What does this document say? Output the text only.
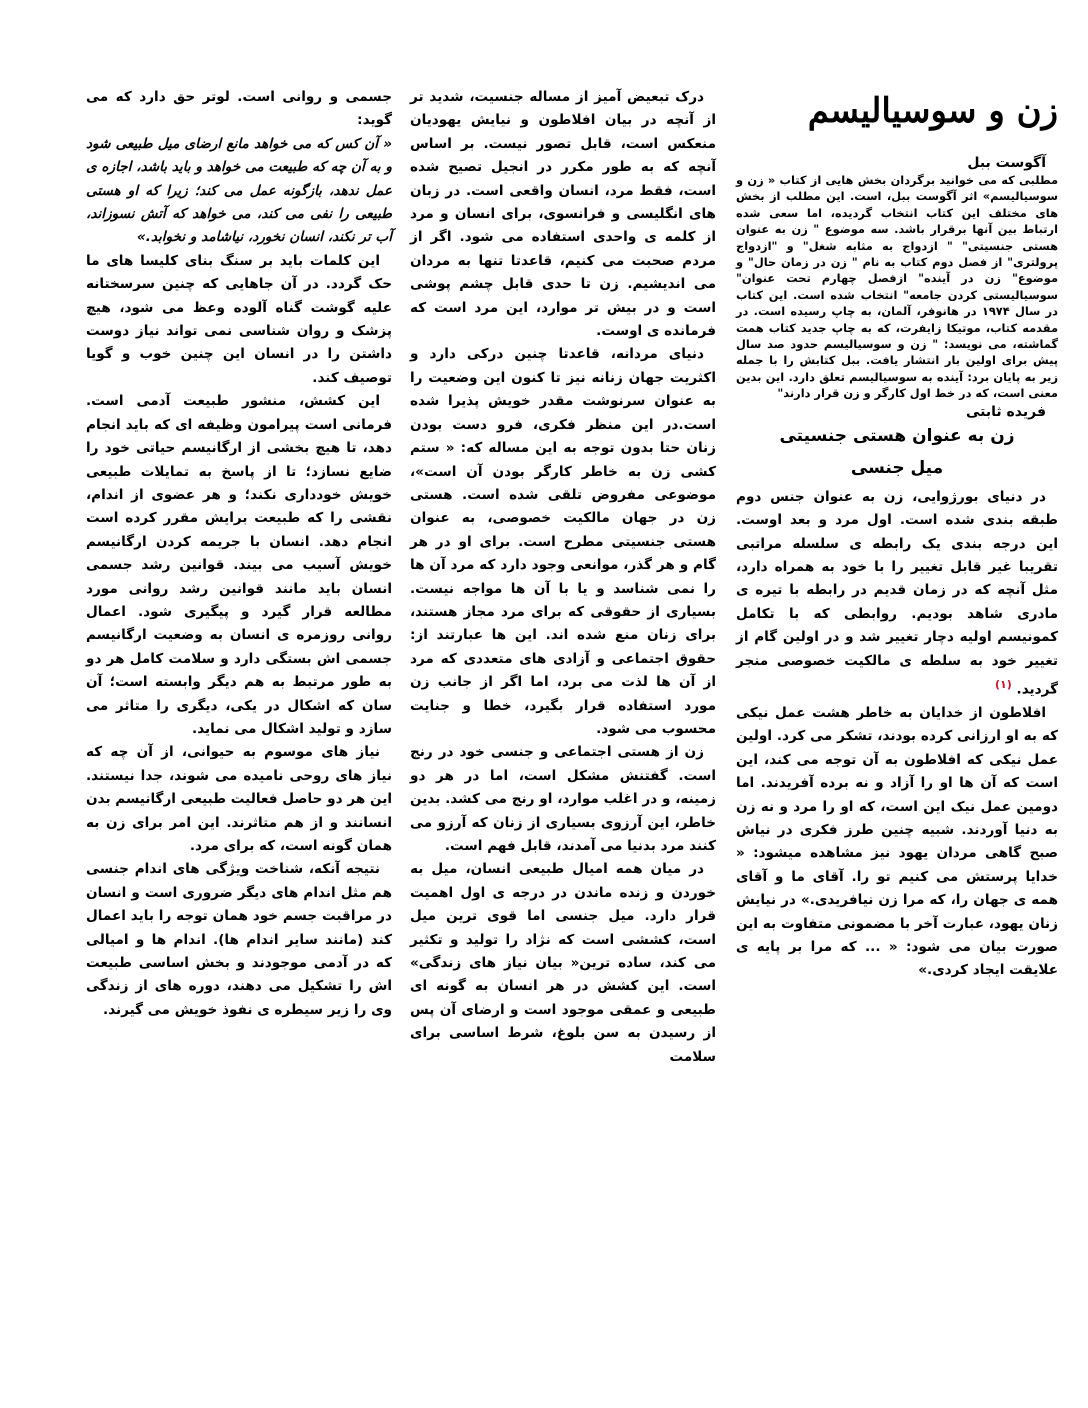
زن و سوسیالیسم

آگوست ببل

مطلبی که می خوانید برگردان بخش هایی از کتاب « زن و سوسیالیسم» اثر آگوست ببل، است. این مطلب از بخش های مختلف این کتاب انتخاب گردیده، اما سعی شده ارتباط بین آنها برقرار باشد. سه موضوع " زن به عنوان هستی جنسیتی" " ازدواج به مثابه شغل" و "ازدواج پرولتری" از فصل دوم کتاب به نام " زن در زمان حال" و موضوع" زن در آینده" ازفصل چهارم تحت عنوان" سوسیالیستی کردن جامعه" انتخاب شده است. این کتاب در سال ۱۹۷۴ در هانوفر، آلمان، به چاپ رسیده است. در مقدمه کتاب، موتیکا زایفرت، که به چاپ جدید کتاب همت گماشته، می نویسد: " زن و سوسیالیسم حدود صد سال پیش برای اولین بار انتشار یافت. ببل کتابش را با جمله زیر به پایان برد: آینده به سوسیالیسم تعلق دارد. این بدین معنی است، که در خط اول کارگر و زن قرار دارند"

فریده ثابتی

زن به عنوان هستی جنسیتی
میل جنسی

در دنیای بورژوایی، زن به عنوان جنس دوم طبقه بندی شده است. اول مرد و بعد اوست. این درجه بندی یک رابطه ی سلسله مراتبی تقریبا غیر قابل تغییر را با خود به همراه دارد، مثل آنچه که در زمان قدیم در رابطه با تیره ی مادری شاهد بودیم. روابطی که با تکامل کمونیسم اولیه دچار تغییر شد و در اولین گام از تغییر خود به سلطه ی مالکیت خصوصی منجر گردید. $^{(۱)}$

افلاطون از خدایان به خاطر هشت عمل نیکی که به او ارزانی کرده بودند، تشکر می کرد. اولین عمل نیکی که افلاطون به آن توجه می کند، این است که آن ها او را آزاد و نه برده آفریدند. اما دومین عمل نیک این است، که او را مرد و نه زن به دنیا آوردند. شبیه چنین طرز فکری در نیاش صبح گاهی مردان یهود نیز مشاهده میشود: « خدایا پرستش می کنیم تو را. آقای ما و آقای همه ی جهان را، که مرا زن نیافریدی.» در نیایش زنان یهود، عبارت آخر با مضمونی متفاوت به این صورت بیان می شود: « ... که مرا بر پایه ی علایقت ایجاد کردی.»

درک تبعیض آمیز از مساله جنسیت، شدید تر از آنچه در بیان افلاطون و نیایش یهودیان منعکس است، قابل تصور نیست. بر اساس آنچه که به طور مکرر در انجیل تصیح شده است، فقط مرد، انسان واقعی است. در زبان های انگلیسی و فرانسوی، برای انسان و مرد از کلمه ی واحدی استفاده می شود. اگر از مردم صحبت می کنیم، قاعدتا تنها به مردان می اندیشیم. زن تا حدی قابل چشم پوشی است و در بیش تر موارد، این مرد است که فرمانده ی اوست.

دنیای مردانه، قاعدتا چنین درکی دارد و اکثریت جهان زنانه نیز تا کنون این وضعیت را به عنوان سرنوشت مقدر خویش پذیرا شده است.در این منظر فکری، فرو دست بودن زنان حتا بدون توجه به این مساله که: « ستم کشی زن به خاطر کارگر بودن آن است»، موضوعی مفروض تلقی شده است. هستی زن در جهان مالکیت خصوصی، به عنوان هستی جنسیتی مطرح است. برای او در هر گام و هر گذر، موانعی وجود دارد که مرد آن ها را نمی شناسد و یا با آن ها مواجه نیست. بسیاری از حقوقی که برای مرد مجاز هستند، برای زنان منع شده اند. این ها عبارتند از: حقوق اجتماعی و آزادی های متعددی که مرد از آن ها لذت می برد، اما اگر از جانب زن مورد استفاده قرار بگیرد، خطا و جنایت محسوب می شود.

زن از هستی اجتماعی و جنسی خود در رنج است. گفتنش مشکل است، اما در هر دو زمینه، و در اغلب موارد، او رنج می کشد. بدین خاطر، این آرزوی بسیاری از زنان که آرزو می کنند مرد بدنیا می آمدند، قابل فهم است.

در میان همه امیال طبیعی انسان، میل به خوردن و زنده ماندن در درجه ی اول اهمیت قرار دارد. میل جنسی اما قوی ترین میل است، کششی است که نژاد را تولید و تکثیر می کند، ساده ترین« بیان نیاز های زندگی» است. این کشش در هر انسان به گونه ای طبیعی و عمقی موجود است و ارضای آن پس از رسیدن به سن بلوغ، شرط اساسی برای سلامت

جسمی و روانی است. لوتر حق دارد که می گوید:

« آن کس که می خواهد مانع ارضای میل طبیعی شود و به آن چه که طبیعت می خواهد و باید باشد، اجازه ی عمل ندهد، بازگونه عمل می کند؛ زیرا که او هستی طبیعی را نفی می کند، می خواهد که آتش نسوزاند، آب تر نکند، انسان نخورد، نیاشامد و نخوابد.»

این کلمات باید بر سنگ بنای کلیسا های ما حک گردد. در آن جاهایی که چنین سرسختانه علیه گوشت گناه آلوده وعظ می شود، هیچ پزشک و روان شناسی نمی تواند نیاز دوست داشتن را در انسان این چنین خوب و گویا توصیف کند.

این کشش، منشور طبیعت آدمی است. فرمانی است پیرامون وظیفه ای که باید انجام دهد، تا هیچ بخشی از ارگانیسم حیاتی خود را ضایع نسازد؛ تا از پاسخ به تمایلات طبیعی خویش خودداری نکند؛ و هر عضوی از اندام، نقشی را که طبیعت برایش مقرر کرده است انجام دهد. انسان با جریمه کردن ارگانیسم خویش آسیب می بیند. قوانین رشد جسمی انسان باید مانند قوانین رشد روانی مورد مطالعه قرار گیرد و پیگیری شود. اعمال روانی روزمره ی انسان به وضعیت ارگانیسم جسمی اش بستگی دارد و سلامت کامل هر دو به طور مرتبط به هم دیگر وابسته است؛ آن سان که اشکال در یکی، دیگری را متاثر می سازد و تولید اشکال می نماید.

نیاز های موسوم به حیوانی، از آن چه که نیاز های روحی نامیده می شوند، جدا نیستند. این هر دو حاصل فعالیت طبیعی ارگانیسم بدن انسانند و از هم متاثرند. این امر برای زن به همان گونه است، که برای مرد.

نتیجه آنکه، شناخت ویژگی های اندام جنسی هم مثل اندام های دیگر ضروری است و انسان در مراقبت جسم خود همان توجه را باید اعمال کند (مانند سایر اندام ها). اندام ها و امیالی که در آدمی موجودند و بخش اساسی طبیعت اش را تشکیل می دهند، دوره های از زندگی وی را زیر سیطره ی نفوذ خویش می گیرند.
